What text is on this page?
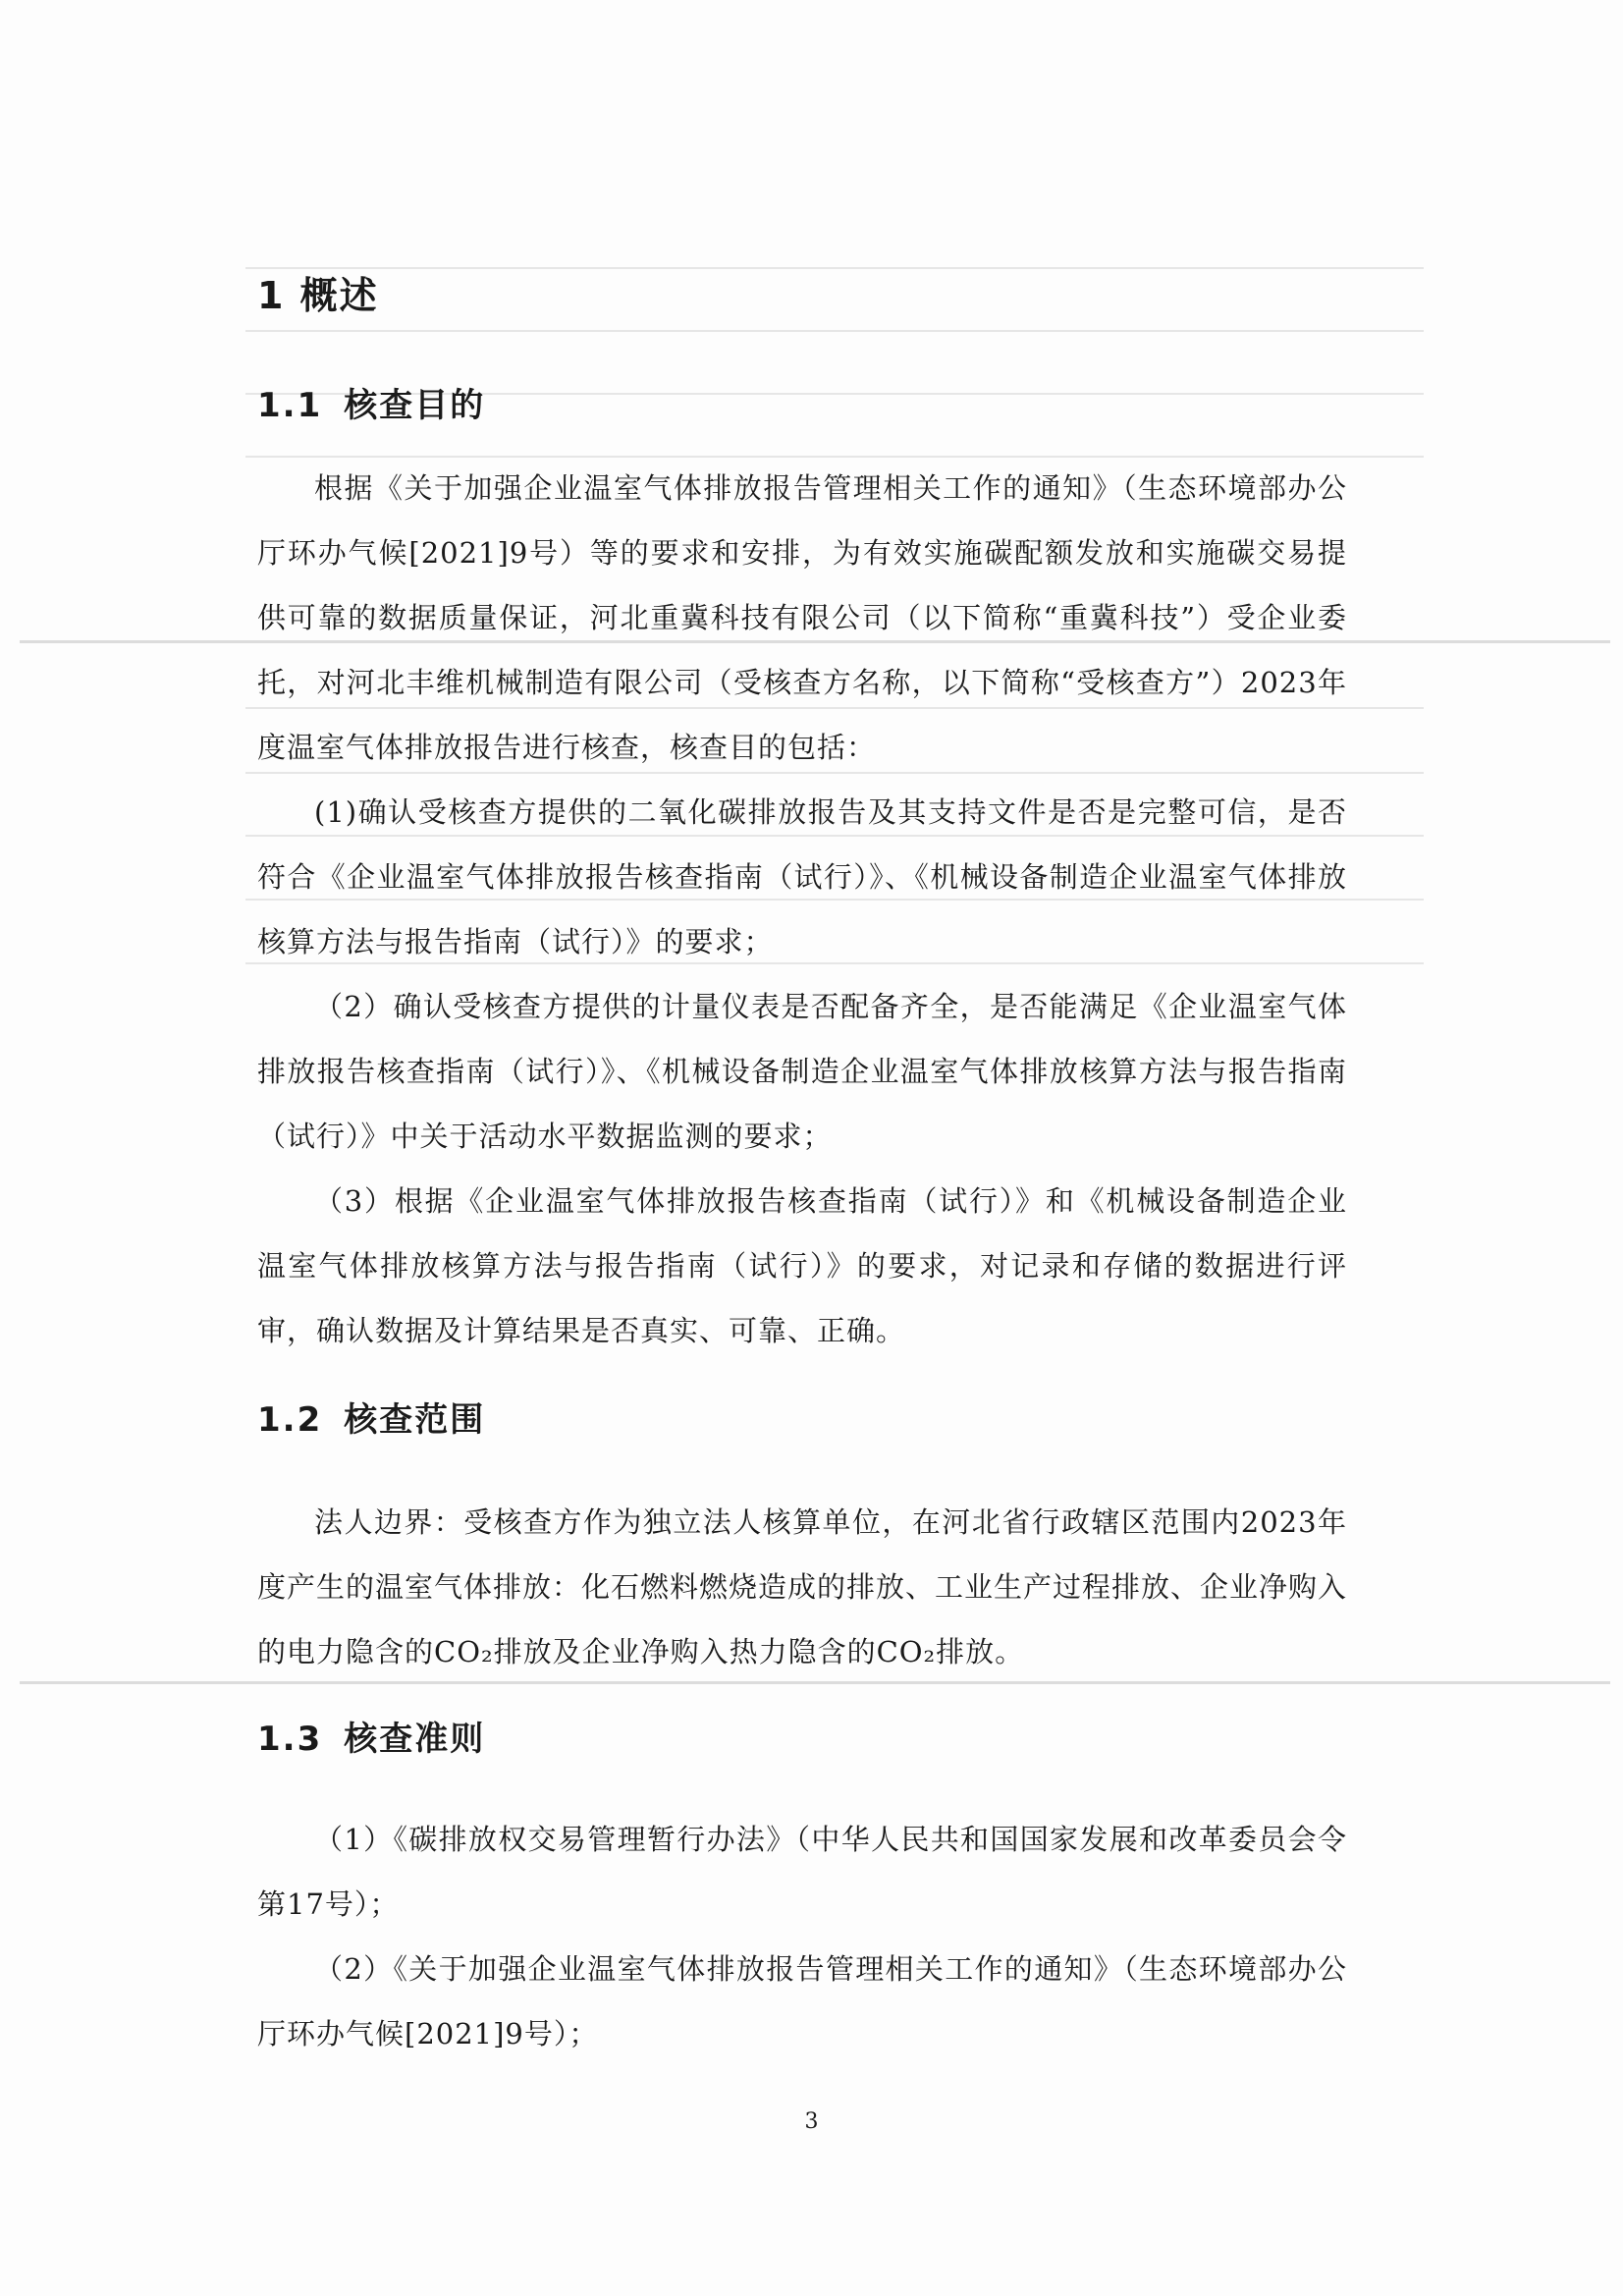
1 概述
1.1 核查目的

根据《关于加强企业温室气体排放报告管理相关工作的通知》（生态环境部办公厅环办气候[2021]9号）等的要求和安排，为有效实施碳配额发放和实施碳交易提供可靠的数据质量保证，河北重冀科技有限公司（以下简称“重冀科技”）受企业委托，对河北丰维机械制造有限公司（受核查方名称，以下简称“受核查方”）2023年度温室气体排放报告进行核查，核查目的包括：

(1)确认受核查方提供的二氧化碳排放报告及其支持文件是否是完整可信，是否符合《企业温室气体排放报告核查指南（试行）》、《机械设备制造企业温室气体排放核算方法与报告指南（试行）》的要求；

（2）确认受核查方提供的计量仪表是否配备齐全，是否能满足《企业温室气体排放报告核查指南（试行）》、《机械设备制造企业温室气体排放核算方法与报告指南（试行）》中关于活动水平数据监测的要求；

（3）根据《企业温室气体排放报告核查指南（试行）》和《机械设备制造企业温室气体排放核算方法与报告指南（试行）》的要求，对记录和存储的数据进行评审，确认数据及计算结果是否真实、可靠、正确。

1.2 核查范围

法人边界：受核查方作为独立法人核算单位，在河北省行政辖区范围内2023年度产生的温室气体排放：化石燃料燃烧造成的排放、工业生产过程排放、企业净购入的电力隐含的CO₂排放及企业净购入热力隐含的CO₂排放。

1.3 核查准则

（1）《碳排放权交易管理暂行办法》（中华人民共和国国家发展和改革委员会令第17号）；

（2）《关于加强企业温室气体排放报告管理相关工作的通知》（生态环境部办公厅环办气候[2021]9号）；

3
